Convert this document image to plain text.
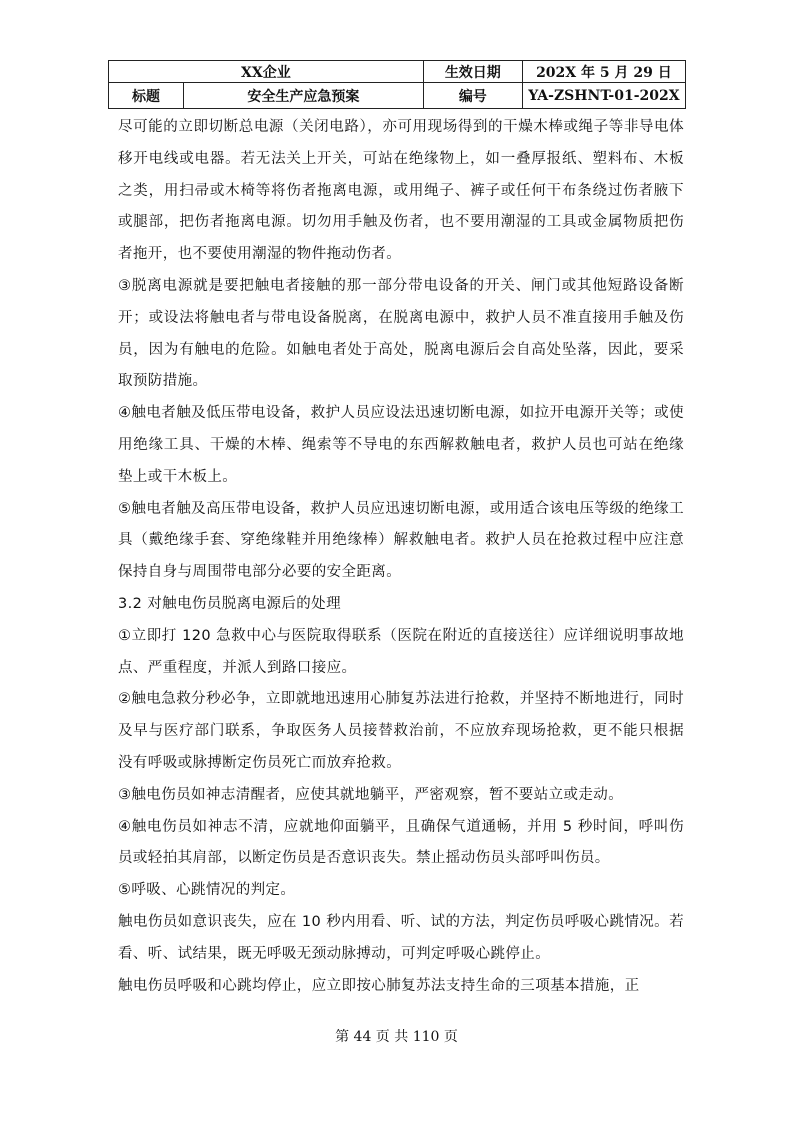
XX企业		生效日期	202X 年 5 月 29 日
标题	安全生产应急预案	编号	YA-ZSHNT-01-202X

尽可能的立即切断总电源（关闭电路），亦可用现场得到的干燥木棒或绳子等非导电体移开电线或电器。若无法关上开关，可站在绝缘物上，如一叠厚报纸、塑料布、木板之类，用扫帚或木椅等将伤者拖离电源，或用绳子、裤子或任何干布条绕过伤者腋下或腿部，把伤者拖离电源。切勿用手触及伤者，也不要用潮湿的工具或金属物质把伤者拖开，也不要使用潮湿的物件拖动伤者。

③脱离电源就是要把触电者接触的那一部分带电设备的开关、闸门或其他短路设备断开；或设法将触电者与带电设备脱离，在脱离电源中，救护人员不准直接用手触及伤员，因为有触电的危险。如触电者处于高处，脱离电源后会自高处坠落，因此，要采取预防措施。

④触电者触及低压带电设备，救护人员应设法迅速切断电源，如拉开电源开关等；或使用绝缘工具、干燥的木棒、绳索等不导电的东西解救触电者，救护人员也可站在绝缘垫上或干木板上。

⑤触电者触及高压带电设备，救护人员应迅速切断电源，或用适合该电压等级的绝缘工具（戴绝缘手套、穿绝缘鞋并用绝缘棒）解救触电者。救护人员在抢救过程中应注意保持自身与周围带电部分必要的安全距离。

3.2 对触电伤员脱离电源后的处理

①立即打 120 急救中心与医院取得联系（医院在附近的直接送往）应详细说明事故地点、严重程度，并派人到路口接应。

②触电急救分秒必争，立即就地迅速用心肺复苏法进行抢救，并坚持不断地进行，同时及早与医疗部门联系，争取医务人员接替救治前，不应放弃现场抢救，更不能只根据没有呼吸或脉搏断定伤员死亡而放弃抢救。

③触电伤员如神志清醒者，应使其就地躺平，严密观察，暂不要站立或走动。

④触电伤员如神志不清，应就地仰面躺平，且确保气道通畅，并用 5 秒时间，呼叫伤员或轻拍其肩部，以断定伤员是否意识丧失。禁止摇动伤员头部呼叫伤员。

⑤呼吸、心跳情况的判定。

触电伤员如意识丧失，应在 10 秒内用看、听、试的方法，判定伤员呼吸心跳情况。若看、听、试结果，既无呼吸无颈动脉搏动，可判定呼吸心跳停止。

触电伤员呼吸和心跳均停止，应立即按心肺复苏法支持生命的三项基本措施，正

第 44 页 共 110 页
